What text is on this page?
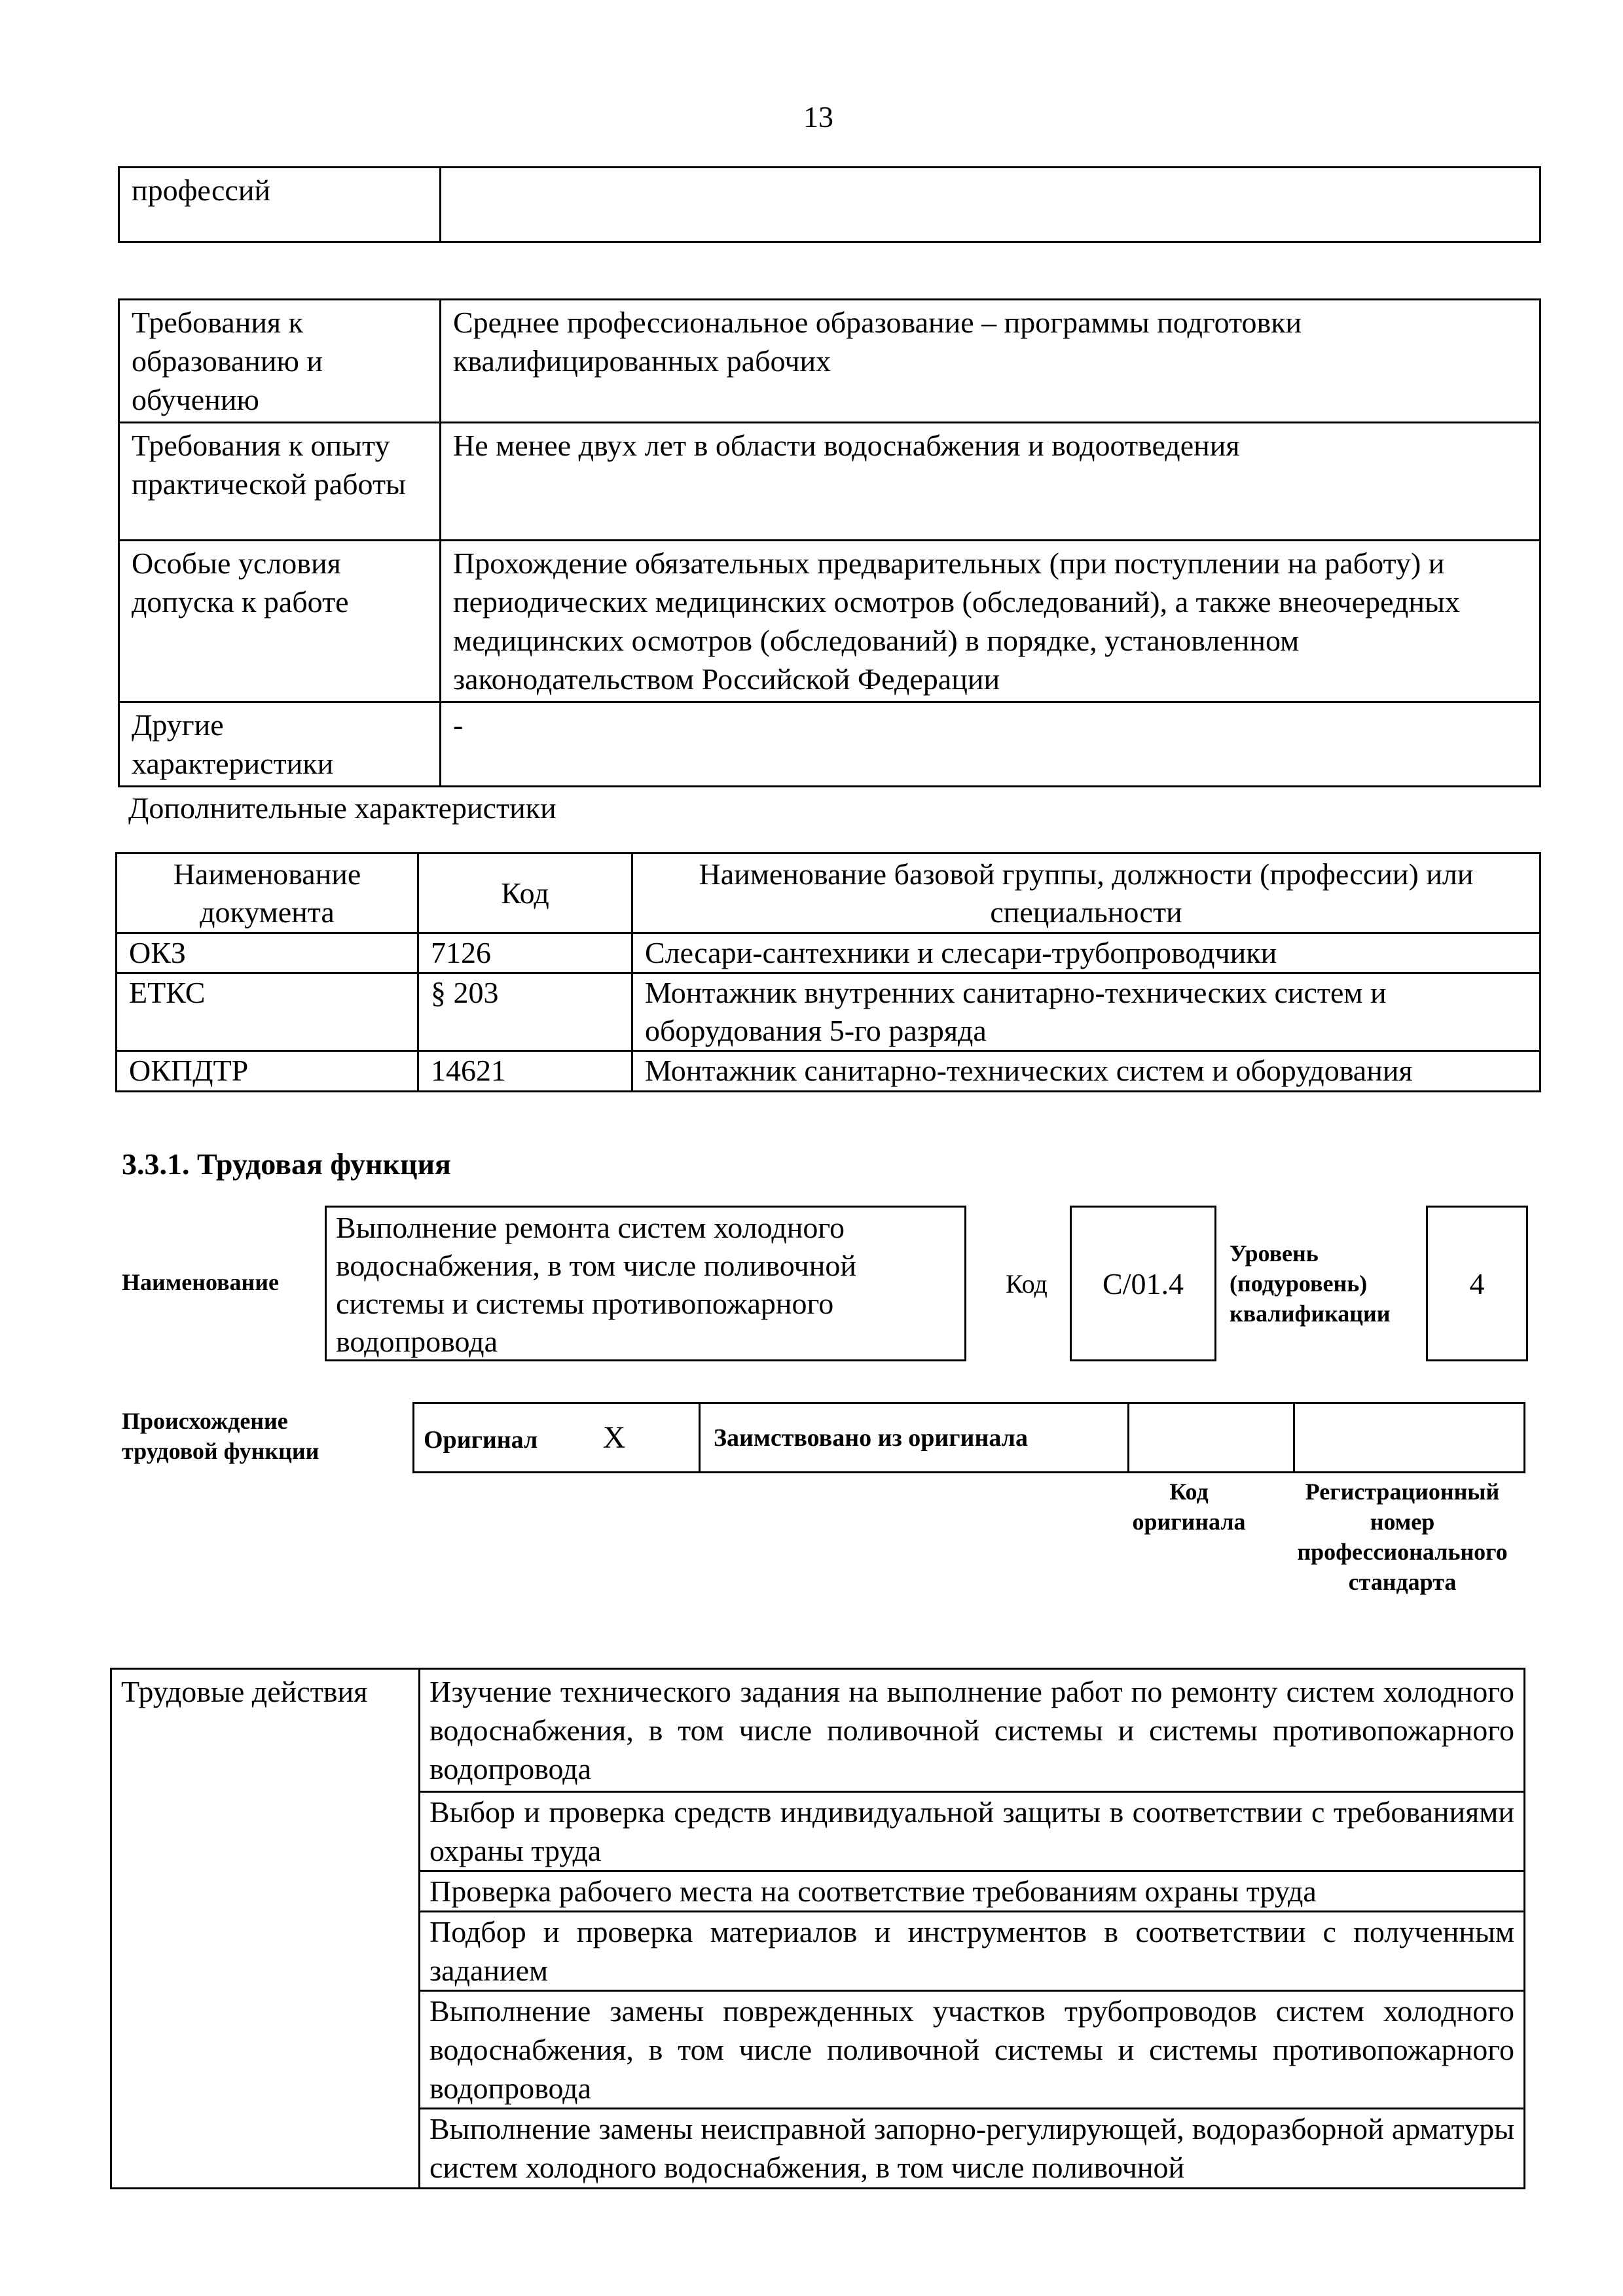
13
профессий	
Требования к образованию и обучению	Среднее профессиональное образование – программы подготовки квалифицированных рабочих
Требования к опыту практической работы	Не менее двух лет в области водоснабжения и водоотведения
Особые условия допуска к работе	Прохождение обязательных предварительных (при поступлении на работу) и периодических медицинских осмотров (обследований), а также внеочередных медицинских осмотров (обследований) в порядке, установленном законодательством Российской Федерации
Другие характеристики	-
Дополнительные характеристики
Наименование документа	Код	Наименование базовой группы, должности (профессии) или специальности
ОКЗ	7126	Слесари-сантехники и слесари-трубопроводчики
ЕТКС	§ 203	Монтажник внутренних санитарно-технических систем и оборудования 5-го разряда
ОКПДТР	14621	Монтажник санитарно-технических систем и оборудования
3.3.1. Трудовая функция
Наименование
Выполнение ремонта систем холодного водоснабжения, в том числе поливочной системы и системы противопожарного водопровода
Код C/01.4
Уровень (подуровень) квалификации
4
Происхождение трудовой функции	Оригинал X	Заимствовано из оригинала		
Код оригинала
Регистрационный номер профессионального стандарта
Трудовые действия	Изучение технического задания на выполнение работ по ремонту систем холодного водоснабжения, в том числе поливочной системы и системы противопожарного водопровода
Выбор и проверка средств индивидуальной защиты в соответствии с требованиями охраны труда
Проверка рабочего места на соответствие требованиям охраны труда
Подбор и проверка материалов и инструментов в соответствии с полученным заданием
Выполнение замены поврежденных участков трубопроводов систем холодного водоснабжения, в том числе поливочной системы и системы противопожарного водопровода
Выполнение замены неисправной запорно-регулирующей, водоразборной арматуры систем холодного водоснабжения, в том числе поливочной
